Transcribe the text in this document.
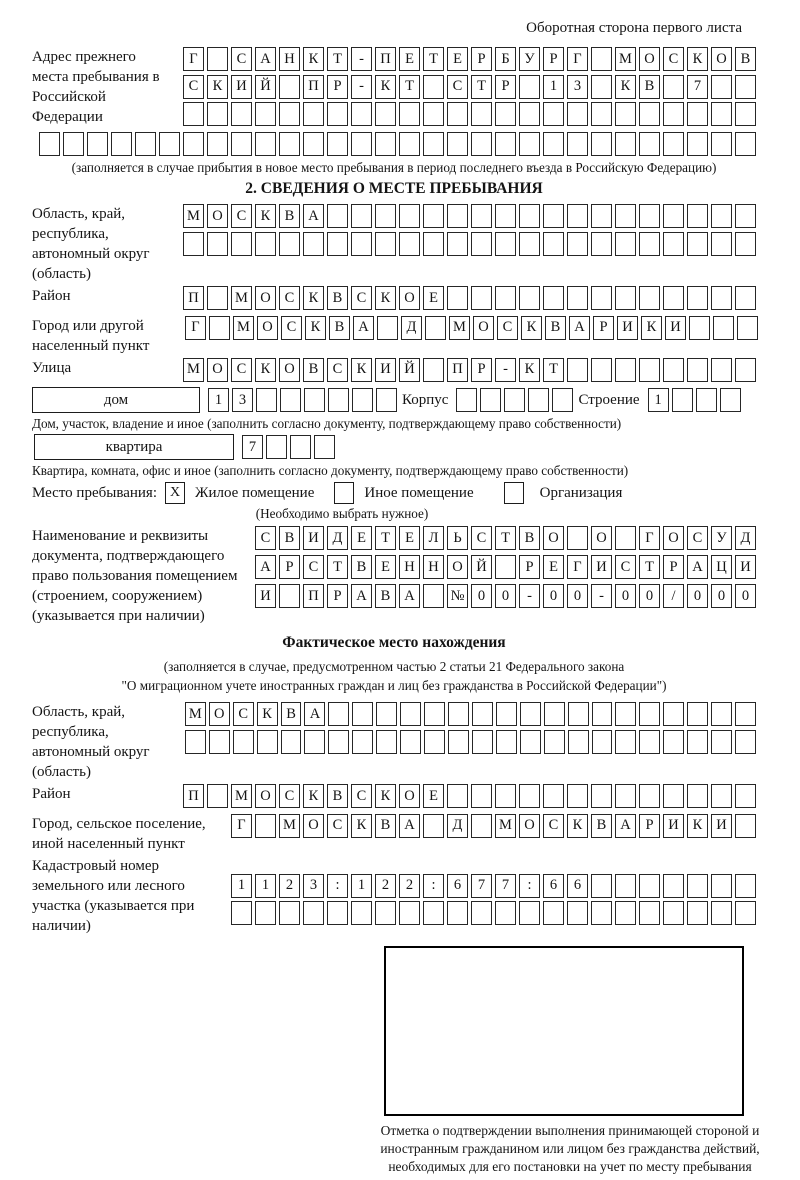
Оборотная сторона первого листа
Адрес прежнего места пребывания в Российской Федерации
Г	С А Н К	Т	-	П Е	Т	Е	Р	Б	У	Р	Г	М О С К О В
С К И Й	П	Р	-	К	Т	С	Т	Р	1	3	К В	7
(заполняется в случае прибытия в новое место пребывания в период последнего въезда в Российскую Федерацию)
2. СВЕДЕНИЯ О МЕСТЕ ПРЕБЫВАНИЯ
Область, край, республика, автономный округ (область)
М О С К В А
Район	П	М О С К В С К О Е
Город или другой населенный пункт
Г	М О С К В А	Д	М О С К В А	Р	И К И
Улица	М О С К О В С К И Й	П	Р	-	К	Т
дом	1	3	Корпус	Строение	1
Дом, участок, владение и иное (заполнить согласно документу, подтверждающему право собственности)
квартира	7
Квартира, комната, офис и иное (заполнить согласно документу, подтверждающему право собственности)
Место пребывания: X Жилое помещение	Иное помещение	Организация
(Необходимо выбрать нужное)
Наименование и реквизиты документа, подтверждающего право пользования помещением (строением, сооружением) (указывается при наличии)
С В И Д	Е	Т	Е	Л	Ь	С	Т	В О	О	Г	О С У Д
А	Р	С	Т	В	Е Н Н О Й	Р	Е	Г	И С	Т	Р	А Ц И
И	П	Р	А В А	№ 0	0	-	0	0	-	0	0	/	0	0	0
Фактическое место нахождения
(заполняется в случае, предусмотренном частью 2 статьи 21 Федерального закона
"О миграционном учете иностранных граждан и лиц без гражданства в Российской Федерации")
Область, край, республика, автономный округ (область)
М О С К В А
Район	П	М О С К В С К О Е
Город, сельское поселение, иной населенный пункт
Г	М О С К В А	Д	М О С К В А	Р	И К И
Кадастровый номер земельного или лесного участка (указывается при наличии)
1	1	2	3	:	1	2	2	:	6	7	7	:	6	6
Отметка о подтверждении выполнения принимающей стороной и иностранным гражданином или лицом без гражданства действий, необходимых для его постановки на учет по месту пребывания
